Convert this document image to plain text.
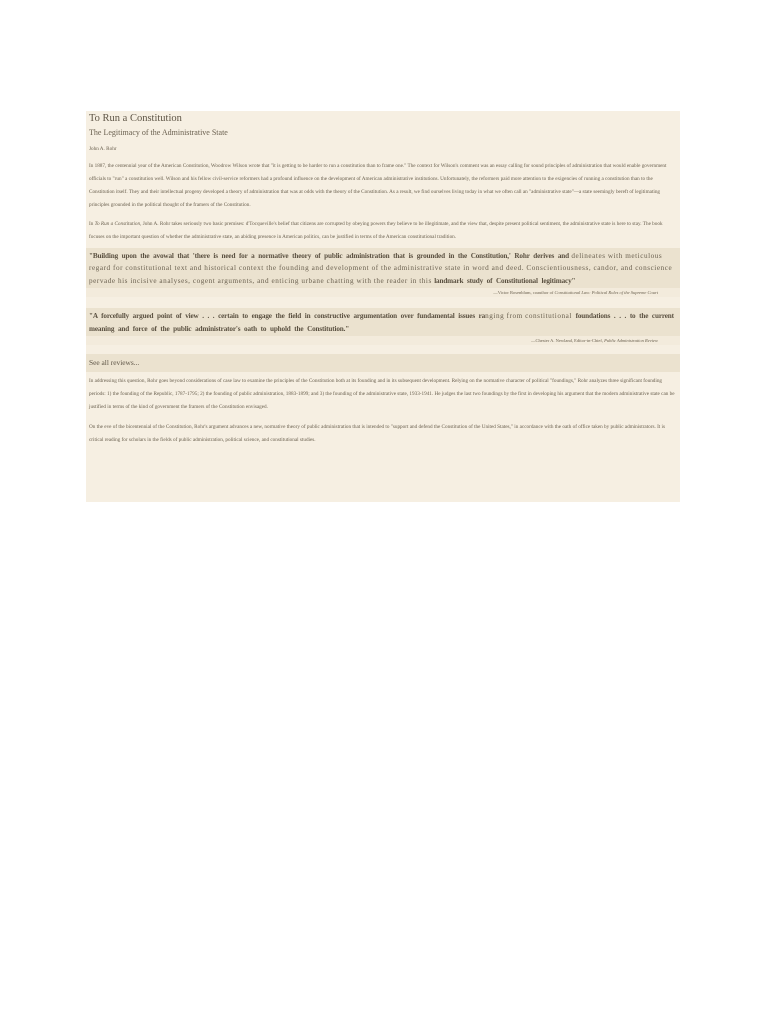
To Run a Constitution
The Legitimacy of the Administrative State
John A. Rohr

In 1887, the centennial year of the American Constitution, Woodrow Wilson wrote that "it is getting to be harder to run a constitution than to frame one." The context for Wilson's comment was an essay calling for sound principles of administration that would enable government officials to "run" a constitution well. Wilson and his fellow civil-service reformers had a profound influence on the development of American administrative institutions. Unfortunately, the reformers paid more attention to the exigencies of running a constitution than to the Constitution itself. They and their intellectual progeny developed a theory of administration that was at odds with the theory of the Constitution. As a result, we find ourselves living today in what we often call an "administrative state"—a state seemingly bereft of legitimating principles grounded in the political thought of the framers of the Constitution.

In To Run a Constitution, John A. Rohr takes seriously two basic premises: d'Tocqueville's belief that citizens are corrupted by obeying powers they believe to be illegitimate, and the view that, despite present political sentiment, the administrative state is here to stay. The book focuses on the important question of whether the administrative state, an abiding presence in American politics, can be justified in terms of the American constitutional tradition.

"Building upon the avowal that 'there is need for a normative theory of public administration that is grounded in the Constitution,' Rohr derives and delineates with meticulous regard for constitutional text and historical context the founding and development of the administrative state in word and deed. Conscientiousness, candor, and conscience pervade his incisive analyses, cogent arguments, and enticing urbane chatting with the reader in this landmark study of Constitutional legitimacy"
—Victor Rosenblum, coauthor of Constitutional Law: Political Roles of the Supreme Court
"A forcefully argued point of view . . . certain to engage the field in constructive argumentation over fundamental issues ranging from constitutional foundations . . . to the current meaning and force of the public administrator's oath to uphold the Constitution."
—Chester A. Newland, Editor-in-Chief, Public Administration Review
See all reviews...

In addressing this question, Rohr goes beyond considerations of case law to examine the principles of the Constitution both at its founding and in its subsequent development. Relying on the normative character of political "foundings," Rohr analyzes three significant founding periods: 1) the founding of the Republic, 1787-1795; 2) the founding of public administration, 1883-1899; and 3) the founding of the administrative state, 1933-1941. He judges the last two foundings by the first in developing his argument that the modern administrative state can be justified in terms of the kind of government the framers of the Constitution envisaged.

On the eve of the bicentennial of the Constitution, Rohr's argument advances a new, normative theory of public administration that is intended to "support and defend the Constitution of the United States," in accordance with the oath of office taken by public administrators. It is critical reading for scholars in the fields of public administration, political science, and constitutional studies.
